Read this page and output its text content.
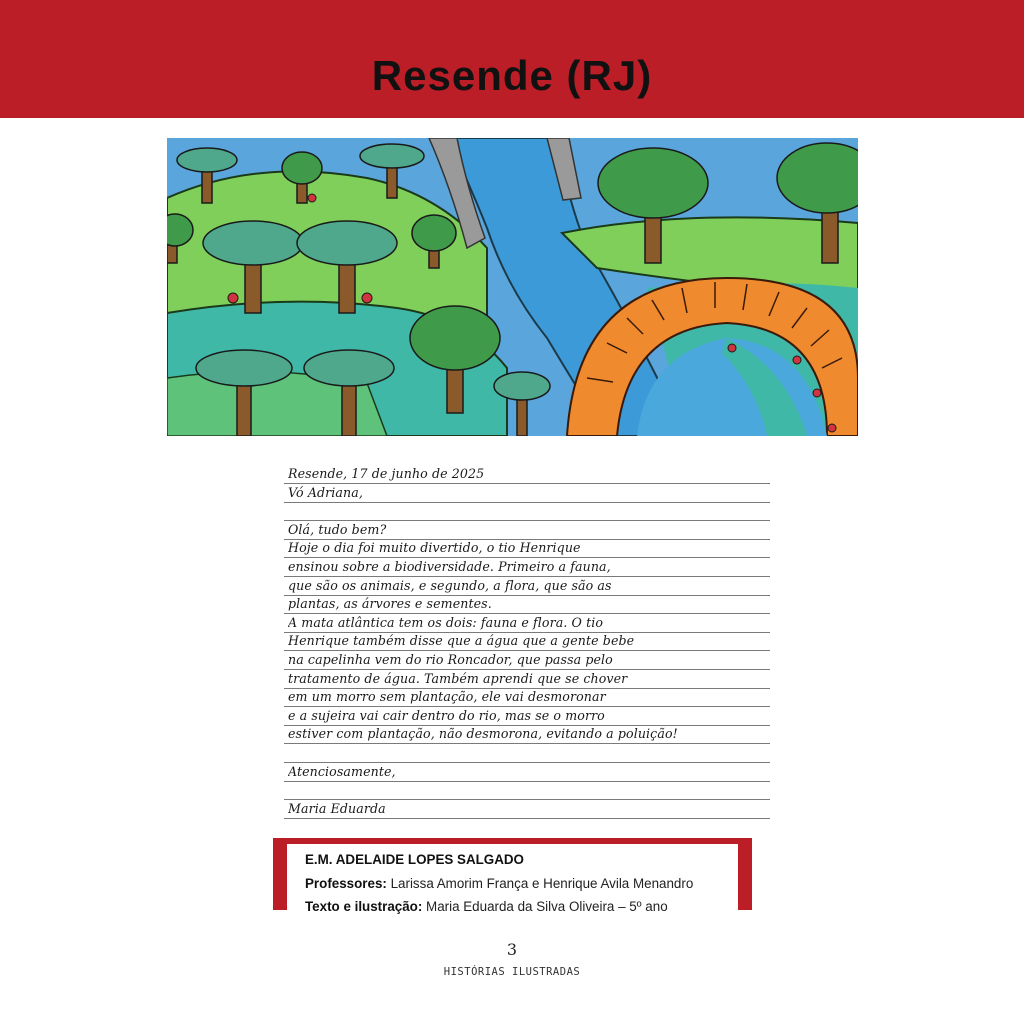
Resende (RJ)
Resende, 17 de junho de 2025
Vó Adriana,
Olá, tudo bem?
Hoje o dia foi muito divertido, o tio Henrique
ensinou sobre a biodiversidade. Primeiro a fauna,
que são os animais, e segundo, a flora, que são as
plantas, as árvores e sementes.
A mata atlântica tem os dois: fauna e flora. O tio
Henrique também disse que a água que a gente bebe
na capelinha vem do rio Roncador, que passa pelo
tratamento de água. Também aprendi que se chover
em um morro sem plantação, ele vai desmoronar
e a sujeira vai cair dentro do rio, mas se o morro
estiver com plantação, não desmorona, evitando a poluição!
Atenciosamente,
Maria Eduarda
E.M. ADELAIDE LOPES SALGADO
Professores: Larissa Amorim França e Henrique Avila Menandro
Texto e ilustração: Maria Eduarda da Silva Oliveira – 5º ano
3
HISTÓRIAS ILUSTRADAS
